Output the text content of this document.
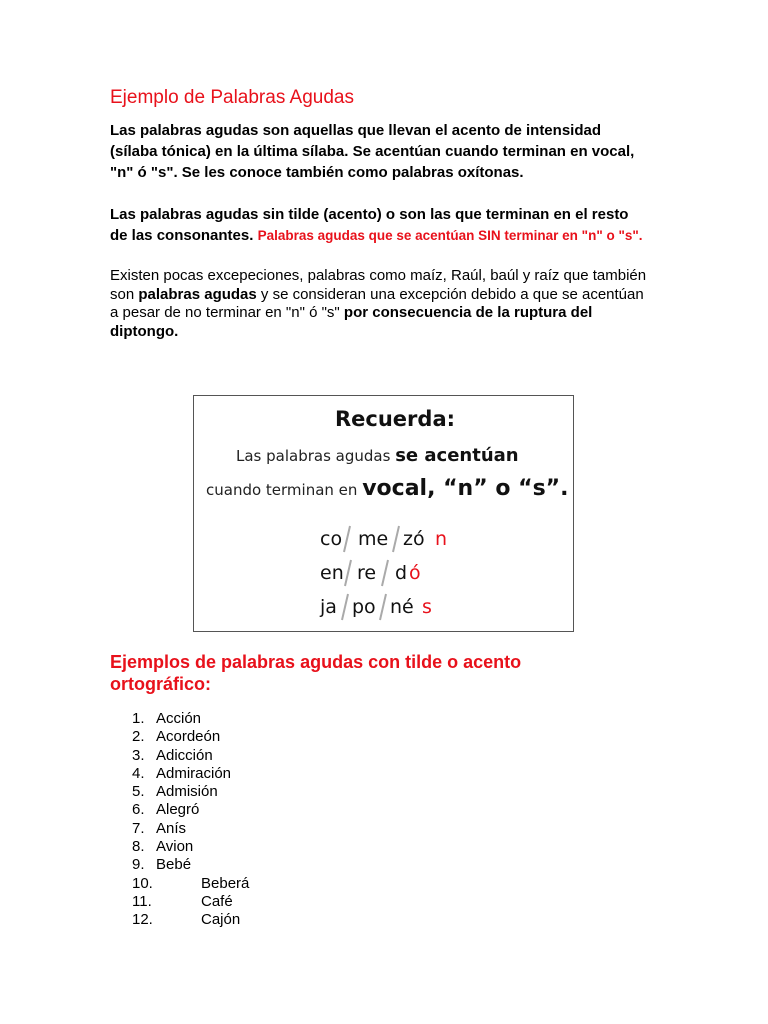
Ejemplo de Palabras Agudas

Las palabras agudas son aquellas que llevan el acento de intensidad (sílaba tónica) en la última sílaba. Se acentúan cuando terminan en vocal, "n" ó "s". Se les conoce también como palabras oxítonas.

Las palabras agudas sin tilde (acento) o son las que terminan en el resto de las consonantes. Palabras agudas que se acentúan SIN terminar en "n" o "s".

Existen pocas excepeciones, palabras como maíz, Raúl, baúl y raíz que también son palabras agudas y se consideran una excepción debido a que se acentúan a pesar de no terminar en "n" ó "s" por consecuencia de la ruptura del diptongo.

Recuerda:
Las palabras agudas se acentúan
cuando terminan en vocal, “n” o “s”.
co me zó n
en re d ó
ja po né s
Ejemplos de palabras agudas con tilde o acento ortográfico:
1. Acción
2. Acordeón
3. Adicción
4. Admiración
5. Admisión
6. Alegró
7. Anís
8. Avion
9. Bebé
10.	Beberá
11.	Café
12.	Cajón
